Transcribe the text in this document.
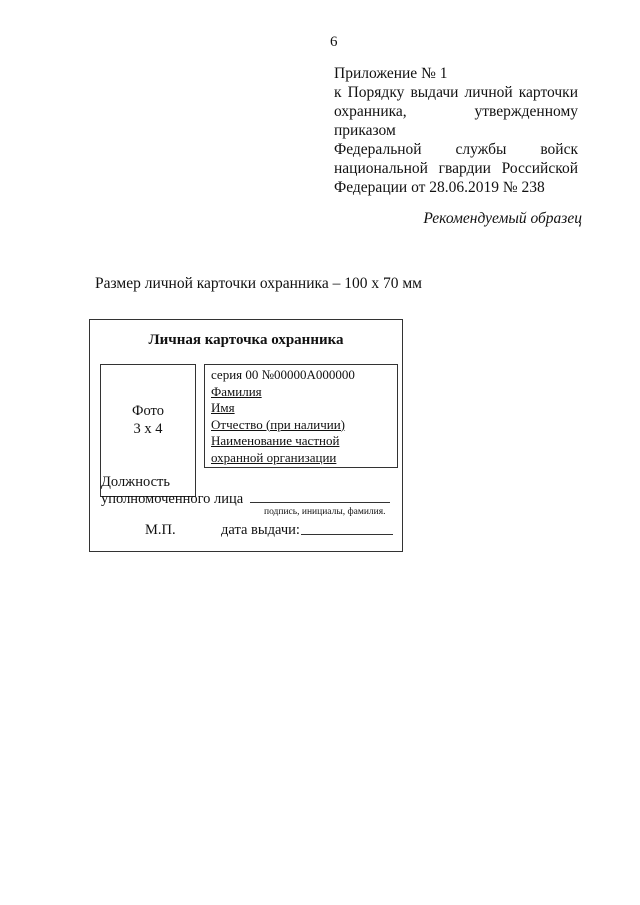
6
Приложение № 1
к Порядку выдачи личной карточки
охранника, утвержденному приказом
Федеральной службы войск
национальной гвардии Российской
Федерации от 28.06.2019 № 238
Рекомендуемый образец
Размер личной карточки охранника – 100 х 70 мм
Личная карточка охранника
Фото
3 х 4
серия 00 №00000А000000
Фамилия
Имя
Отчество (при наличии)
Наименование частной
охранной организации
Должность
уполномоченного лица
подпись, инициалы, фамилия.
М.П.	дата выдачи:
